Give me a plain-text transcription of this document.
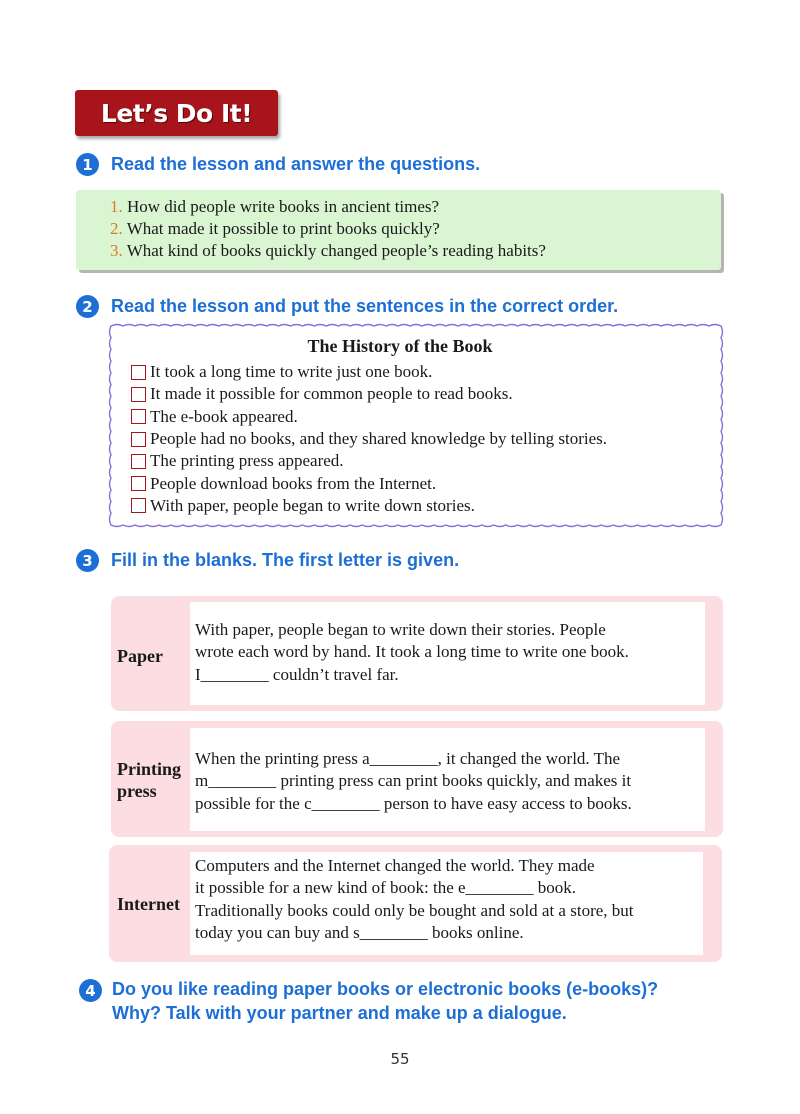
Let’s Do It!
1	Read the lesson and answer the questions.
1. How did people write books in ancient times?
2. What made it possible to print books quickly?
3. What kind of books quickly changed people’s reading habits?
2	Read the lesson and put the sentences in the correct order.
The History of the Book
It took a long time to write just one book.
It made it possible for common people to read books.
The e-book appeared.
People had no books, and they shared knowledge by telling stories.
The printing press appeared.
People download books from the Internet.
With paper, people began to write down stories.
3	Fill in the blanks. The first letter is given.
Paper
With paper, people began to write down their stories. People
wrote each word by hand. It took a long time to write one book.
I________ couldn’t travel far.
Printing
press
When the printing press a________, it changed the world. The
m________ printing press can print books quickly, and makes it
possible for the c________ person to have easy access to books.
Internet
Computers and the Internet changed the world. They made
it possible for a new kind of book: the e________ book.
Traditionally books could only be bought and sold at a store, but
today you can buy and s________ books online.
4 Do you like reading paper books or electronic books (e-books)?
Why? Talk with your partner and make up a dialogue.
55
